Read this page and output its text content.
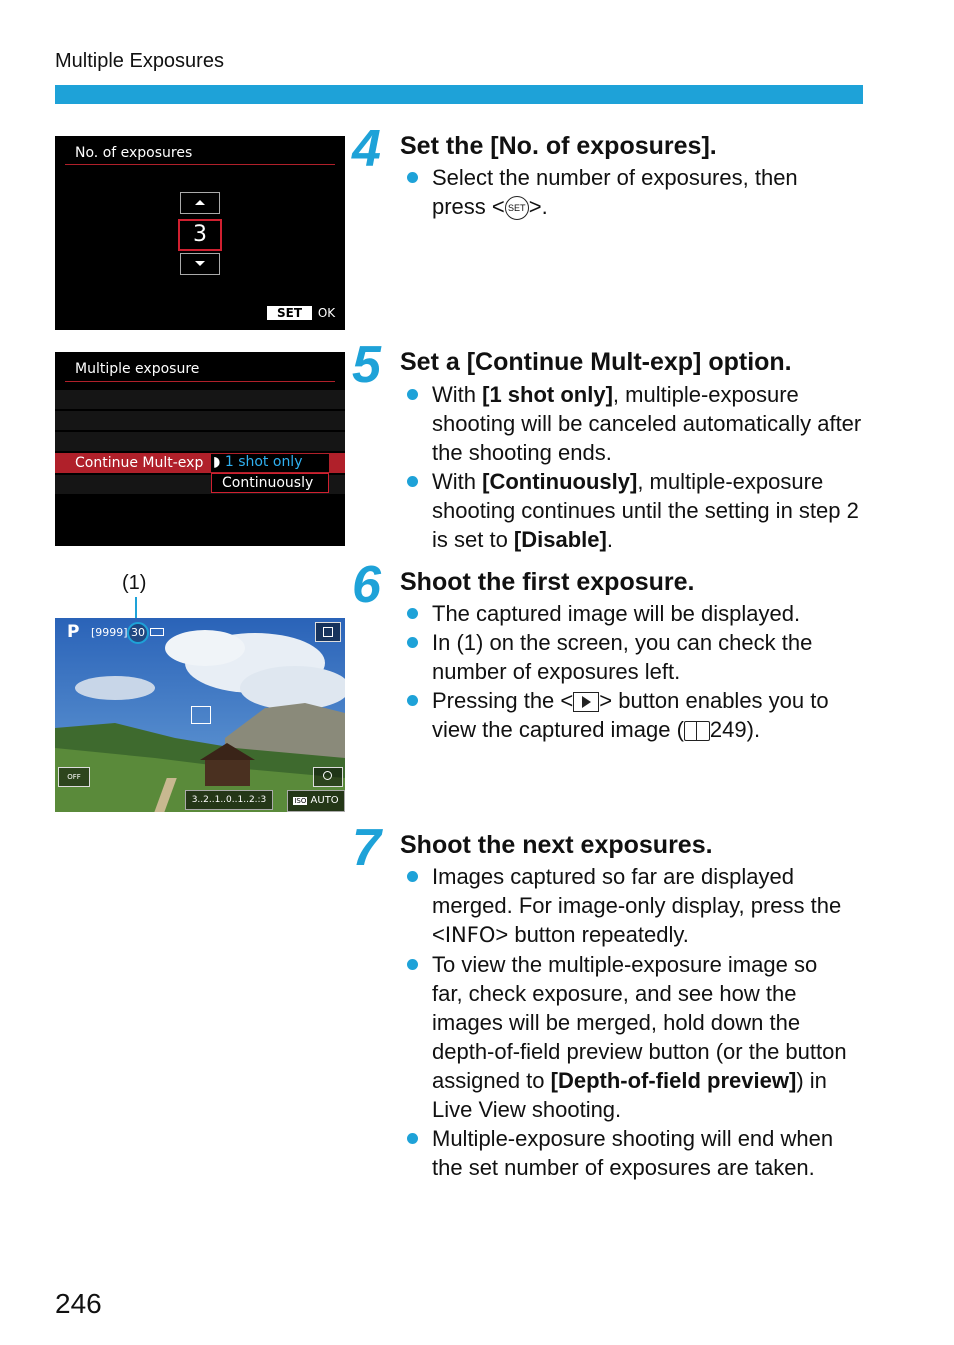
Multiple Exposures
No. of exposures
3
SET OK
Multiple exposure
Continue Mult-exp ◗ 1 shot only
Continuously
(1)
P [9999] 30
OFF
3..2..1..0..1..2.:3	ISO AUTO
4 Set the [No. of exposures].
Select the number of exposures, then press < SET >.
5 Set a [Continue Mult-exp] option.
With [1 shot only], multiple-exposure shooting will be canceled automatically after the shooting ends.
With [Continuously], multiple-exposure shooting continues until the setting in step 2 is set to [Disable].
6 Shoot the first exposure.
The captured image will be displayed.
In (1) on the screen, you can check the number of exposures left.
Pressing the < > button enables you to view the captured image ( 249).
7 Shoot the next exposures.
Images captured so far are displayed merged. For image-only display, press the <INFO> button repeatedly.
To view the multiple-exposure image so far, check exposure, and see how the images will be merged, hold down the depth-of-field preview button (or the button assigned to [Depth-of-field preview]) in Live View shooting.
Multiple-exposure shooting will end when the set number of exposures are taken.
246
